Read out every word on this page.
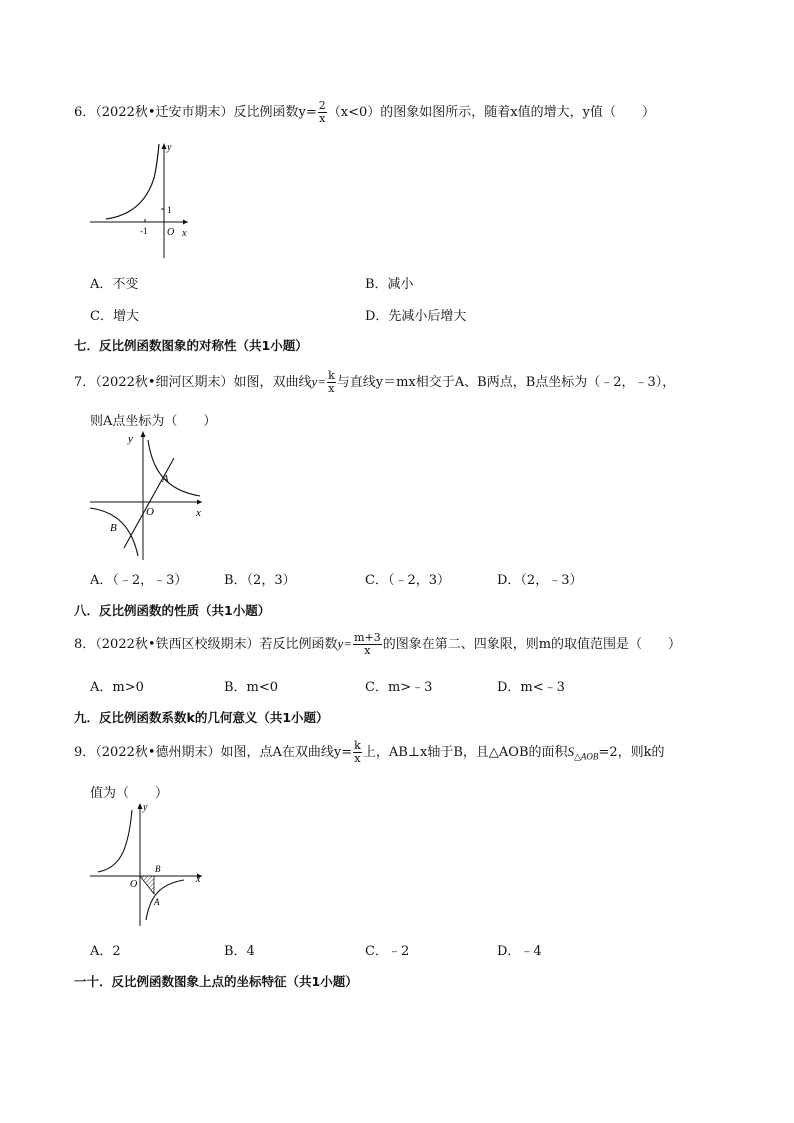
6．（2022秋•迁安市期末）反比例函数$y= \frac{2}{x} (x<0)$的图象如图所示，随着x值的增大，y值（　　）
y
x
O
1
-1
A．不变	B．减小
C．增大	D．先减小后增大
七．反比例函数图象的对称性（共1小题）
7．（2022秋•细河区期末）如图，双曲线$y= \frac{k}{x}$ 与直线y＝mx相交于A、B两点，B点坐标为（﹣2，﹣3），
则A点坐标为（　　）
y
x
O
A
B
A．（﹣2，﹣3）	B．（2，3）	C．（﹣2，3）	D．（2，﹣3）
八．反比例函数的性质（共1小题）
8．（2022秋•铁西区校级期末）若反比例函数$y= \frac{m+3}{x}$ 的图象在第二、四象限，则m的取值范围是（　　）
A．m>0	B．m<0	C．m>﹣3	D．m<﹣3
九．反比例函数系数k的几何意义（共1小题）
9．（2022秋•德州期末）如图，点A在双曲线$y= \frac{k}{x}$ 上，AB⊥x轴于B，且△AOB的面积$S_{\triangle AOB}=2$，则k的
值为（　　）
y
x
O
B
A
A．2	B．4	C．﹣2	D．﹣4
一十．反比例函数图象上点的坐标特征（共1小题）
